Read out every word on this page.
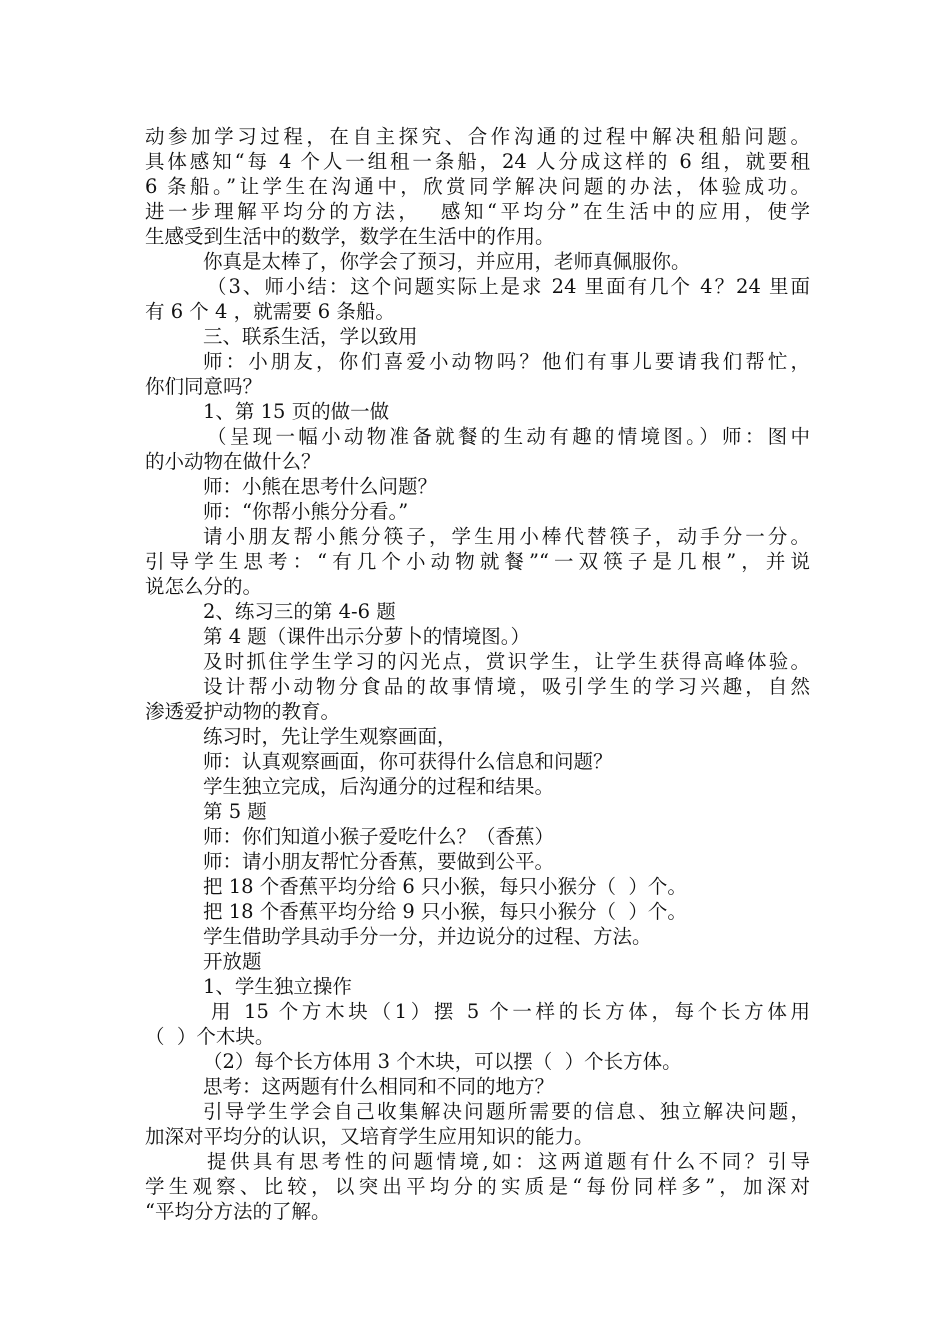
动参加学习过程，在自主探究、合作沟通的过程中解决租船问题。
具体感知“每 4 个人一组租一条船，24 人分成这样的 6 组，就要租
6 条船。”让学生在沟通中，欣赏同学解决问题的办法，体验成功。
进一步理解平均分的方法，  感知“平均分”在生活中的应用，使学
生感受到生活中的数学，数学在生活中的作用。
你真是太棒了，你学会了预习，并应用，老师真佩服你。
（3、师小结：这个问题实际上是求 24 里面有几个 4？24 里面
有 6 个 4 ，就需要 6 条船。
三、联系生活，学以致用
师：小朋友，你们喜爱小动物吗？他们有事儿要请我们帮忙，
你们同意吗？
1、第 15 页的做一做
（呈现一幅小动物准备就餐的生动有趣的情境图。）师：图中
的小动物在做什么？
师：小熊在思考什么问题？
师：“你帮小熊分分看。”
请小朋友帮小熊分筷子，学生用小棒代替筷子，动手分一分。
引导学生思考：“有几个小动物就餐”“一双筷子是几根”，并说
说怎么分的。
2、练习三的第 4-6 题
第 4 题（课件出示分萝卜的情境图。）
及时抓住学生学习的闪光点，赏识学生，让学生获得高峰体验。
设计帮小动物分食品的故事情境，吸引学生的学习兴趣，自然
渗透爱护动物的教育。
练习时，先让学生观察画面，
师：认真观察画面，你可获得什么信息和问题？
学生独立完成，后沟通分的过程和结果。
第 5 题
师：你们知道小猴子爱吃什么？（香蕉）
师：请小朋友帮忙分香蕉，要做到公平。
把 18 个香蕉平均分给 6 只小猴，每只小猴分（  ）个。
把 18 个香蕉平均分给 9 只小猴，每只小猴分（  ）个。
学生借助学具动手分一分，并边说分的过程、方法。
开放题
1、学生独立操作
用 15 个方木块（1）摆 5 个一样的长方体，每个长方体用
（  ）个木块。
（2）每个长方体用 3 个木块，可以摆（  ）个长方体。
思考：这两题有什么相同和不同的地方？
引导学生学会自己收集解决问题所需要的信息、独立解决问题，
加深对平均分的认识，又培育学生应用知识的能力。
提供具有思考性的问题情境,如：这两道题有什么不同？引导
学生观察、比较，以突出平均分的实质是“每份同样多”，加深对
“平均分方法的了解。
